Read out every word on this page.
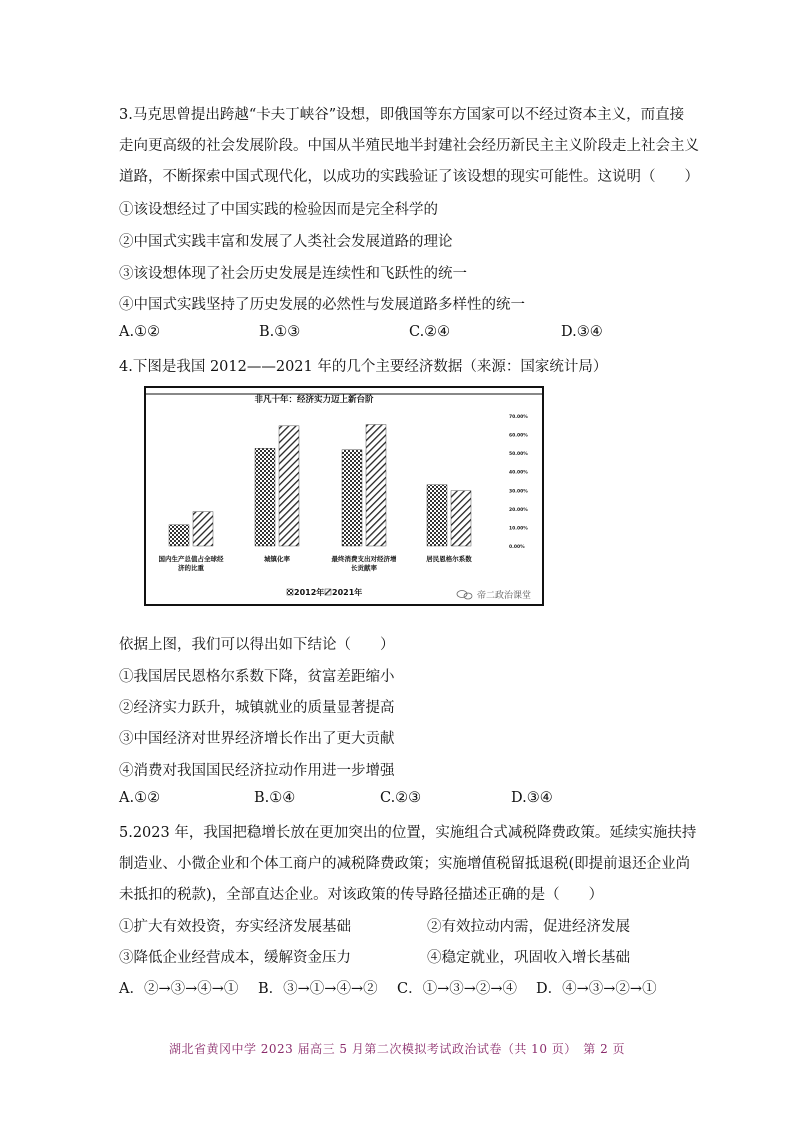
3.马克思曾提出跨越“卡夫丁峡谷”设想，即俄国等东方国家可以不经过资本主义，而直接
走向更高级的社会发展阶段。中国从半殖民地半封建社会经历新民主主义阶段走上社会主义
道路，不断探索中国式现代化，以成功的实践验证了该设想的现实可能性。这说明（　　）
①该设想经过了中国实践的检验因而是完全科学的
②中国式实践丰富和发展了人类社会发展道路的理论
③该设想体现了社会历史发展是连续性和飞跃性的统一
④中国式实践坚持了历史发展的必然性与发展道路多样性的统一
A.①②	B.①③	C.②④	D.③④
4.下图是我国 2012——2021 年的几个主要经济数据（来源：国家统计局）
非凡十年：经济实力迈上新台阶
0.00%
10.00%
20.00%
30.00%
40.00%
50.00%
60.00%
70.00%
国内生产总值占全球经
济的比重
城镇化率	最终消费支出对经济增
长贡献率
居民恩格尔系数
2012年 2021年	帝二政治课堂
依据上图，我们可以得出如下结论（　　）
①我国居民恩格尔系数下降，贫富差距缩小
②经济实力跃升，城镇就业的质量显著提高
③中国经济对世界经济增长作出了更大贡献
④消费对我国国民经济拉动作用进一步增强
A.①②	B.①④	C.②③	D.③④
5.2023 年，我国把稳增长放在更加突出的位置，实施组合式减税降费政策。延续实施扶持
制造业、小微企业和个体工商户的减税降费政策；实施增值税留抵退税(即提前退还企业尚
未抵扣的税款)，全部直达企业。对该政策的传导路径描述正确的是（　　）
①扩大有效投资，夯实经济发展基础	②有效拉动内需，促进经济发展
③降低企业经营成本，缓解资金压力	④稳定就业，巩固收入增长基础
A．②→③→④→① B．③→①→④→② C．①→③→②→④ D．④→③→②→①
湖北省黄冈中学 2023 届高三 5 月第二次模拟考试政治试卷（共 10 页）　第 2 页
